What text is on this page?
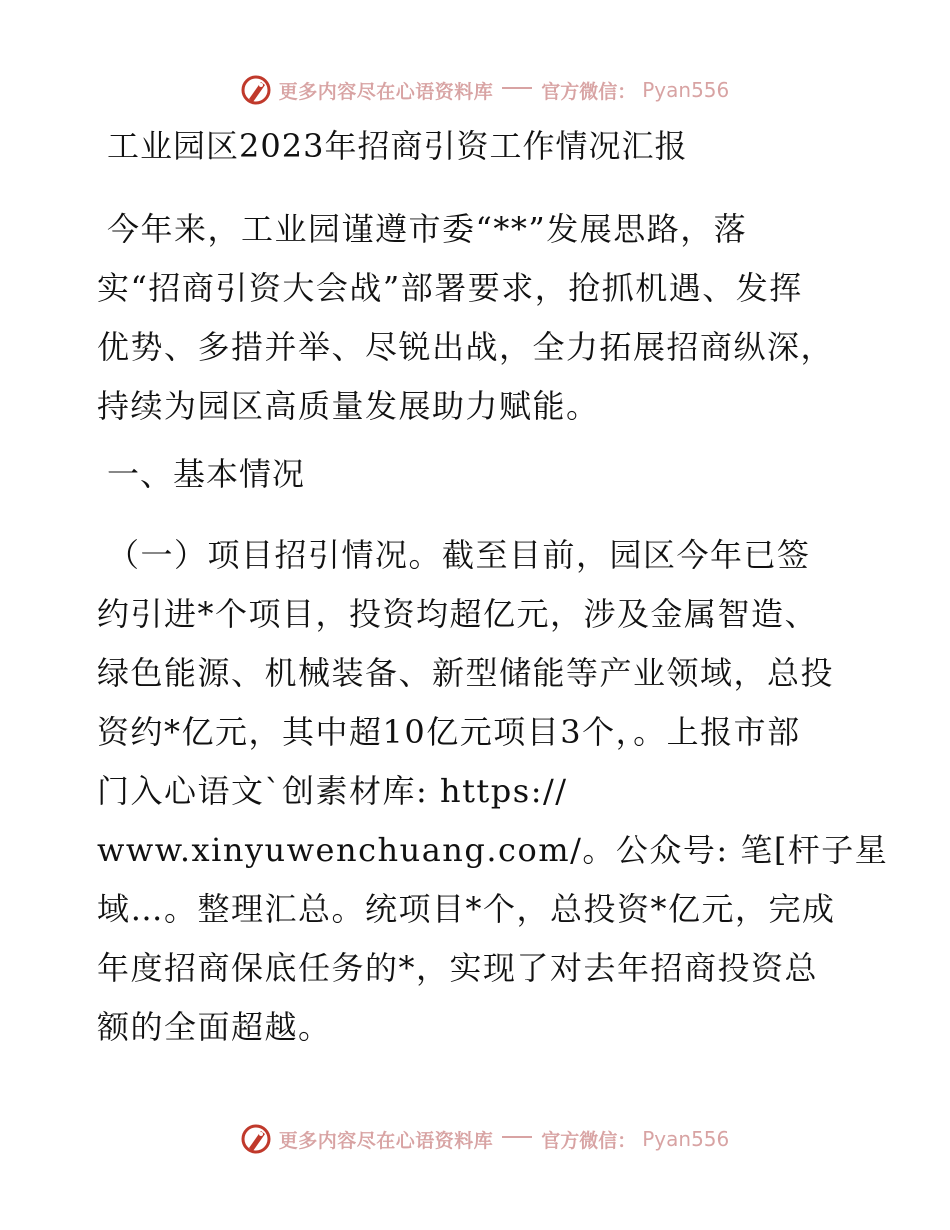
更多内容尽在心语资料库	官方微信： Pyan556
工业园区2023年招商引资工作情况汇报
今年来，工业园谨遵市委“**”发展思路，落
实“招商引资大会战”部署要求，抢抓机遇、发挥
优势、多措并举、尽锐出战，全力拓展招商纵深，
持续为园区高质量发展助力赋能。
一、基本情况
（一）项目招引情况。截至目前，园区今年已签
约引进*个项目，投资均超亿元，涉及金属智造、
绿色能源、机械装备、新型储能等产业领域，总投
资约*亿元，其中超10亿元项目3个，。上报市部
门入心语文`创素材库: https://
www.xinyuwenchuang.com/。公众号: 笔[杆子星
域…。整理汇总。统项目*个，总投资*亿元，完成
年度招商保底任务的*，实现了对去年招商投资总
额的全面超越。
更多内容尽在心语资料库	官方微信： Pyan556
